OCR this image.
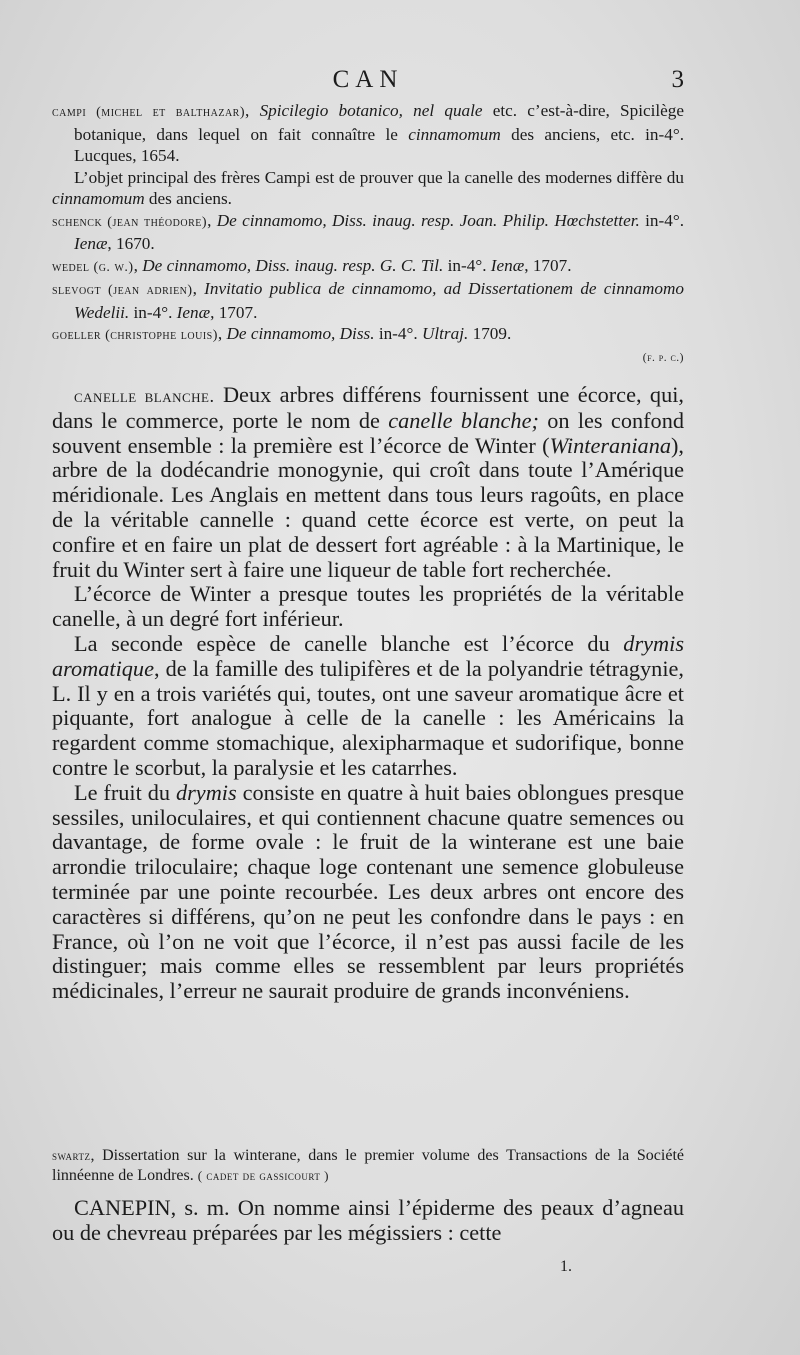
CAN	3

campi (michel et balthazar), Spicilegio botanico, nel quale etc. c’est-à-dire, Spicilège botanique, dans lequel on fait connaître le cinnamomum des anciens, etc. in-4°. Lucques, 1654.

L’objet principal des frères Campi est de prouver que la canelle des modernes diffère du cinnamomum des anciens.

schenck (jean théodore), De cinnamomo, Diss. inaug. resp. Joan. Philip. Hœchstetter. in-4°. Ienæ, 1670.

wedel (g. w.), De cinnamomo, Diss. inaug. resp. G. C. Til. in-4°. Ienæ, 1707.

slevogt (jean adrien), Invitatio publica de cinnamomo, ad Dissertationem de cinnamomo Wedelii. in-4°. Ienæ, 1707.

goeller (christophe louis), De cinnamomo, Diss. in-4°. Ultraj. 1709.

(f. p. c.)

canelle blanche. Deux arbres différens fournissent une écorce, qui, dans le commerce, porte le nom de canelle blanche; on les confond souvent ensemble : la première est l’écorce de Winter (Winteraniana), arbre de la dodécandrie monogynie, qui croît dans toute l’Amérique méridionale. Les Anglais en mettent dans tous leurs ragoûts, en place de la véritable cannelle : quand cette écorce est verte, on peut la confire et en faire un plat de dessert fort agréable : à la Martinique, le fruit du Winter sert à faire une liqueur de table fort recherchée.

L’écorce de Winter a presque toutes les propriétés de la véritable canelle, à un degré fort inférieur.

La seconde espèce de canelle blanche est l’écorce du drymis aromatique, de la famille des tulipifères et de la polyandrie tétragynie, L. Il y en a trois variétés qui, toutes, ont une saveur aromatique âcre et piquante, fort analogue à celle de la canelle : les Américains la regardent comme stomachique, alexipharmaque et sudorifique, bonne contre le scorbut, la paralysie et les catarrhes.

Le fruit du drymis consiste en quatre à huit baies oblongues presque sessiles, uniloculaires, et qui contiennent chacune quatre semences ou davantage, de forme ovale : le fruit de la winterane est une baie arrondie triloculaire; chaque loge contenant une semence globuleuse terminée par une pointe recourbée. Les deux arbres ont encore des caractères si différens, qu’on ne peut les confondre dans le pays : en France, où l’on ne voit que l’écorce, il n’est pas aussi facile de les distinguer; mais comme elles se ressemblent par leurs propriétés médicinales, l’erreur ne saurait produire de grands inconvéniens.

swartz, Dissertation sur la winterane, dans le premier volume des Transactions de la Société linnéenne de Londres. ( cadet de gassicourt )

CANEPIN, s. m. On nomme ainsi l’épiderme des peaux d’agneau ou de chevreau préparées par les mégissiers : cette

1.
